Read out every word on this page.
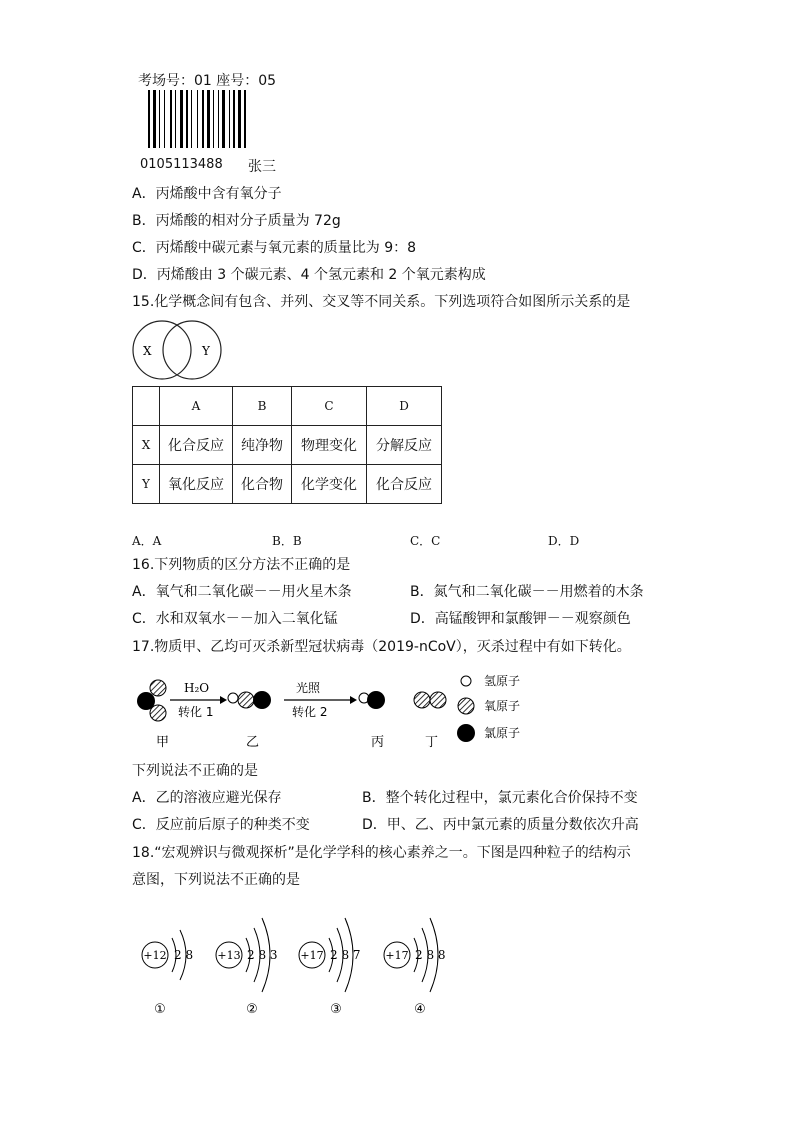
考场号：01 座号：05
0105113488 张三
A．丙烯酸中含有氧分子
B．丙烯酸的相对分子质量为 72g
C．丙烯酸中碳元素与氧元素的质量比为 9：8
D．丙烯酸由 3 个碳元素、4 个氢元素和 2 个氧元素构成
15.化学概念间有包含、并列、交叉等不同关系。下列选项符合如图所示关系的是
X	Y
	A	B	C	D
X	化合反应	纯净物	物理变化	分解反应
Y	氧化反应	化合物	化学变化	化合反应
A．A	B．B	C．C	D．D
16.下列物质的区分方法不正确的是
A．氧气和二氧化碳－－用火星木条	B．氮气和二氧化碳－－用燃着的木条
C．水和双氧水－－加入二氧化锰	D．高锰酸钾和氯酸钾－－观察颜色
17.物质甲、乙均可灭杀新型冠状病毒（2019-nCoV），灭杀过程中有如下转化。
H₂O
转化 1
光照
转化 2
氢原子
氧原子
氯原子
甲	乙	丙	丁
下列说法不正确的是
A．乙的溶液应避光保存	B．整个转化过程中，氯元素化合价保持不变
C．反应前后原子的种类不变	D．甲、乙、丙中氯元素的质量分数依次升高
18.“宏观辨识与微观探析”是化学学科的核心素养之一。下图是四种粒子的结构示
意图，下列说法不正确的是
+12 2 8
①
+13 2 8 3
②
+17 2 8 7
③
+17 2 8 8
④
